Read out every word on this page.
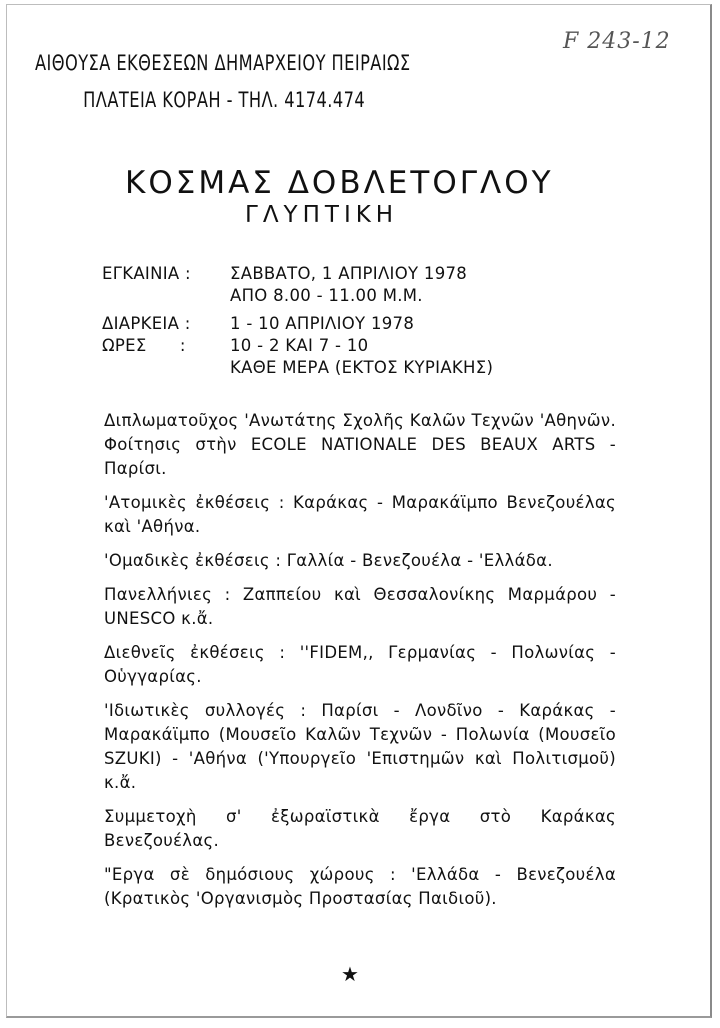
ΑΙΘΟΥΣΑ ΕΚΘΕΣΕΩΝ ΔΗΜΑΡΧΕΙΟΥ ΠΕΙΡΑΙΩΣ
ΠΛΑΤΕΙΑ ΚΟΡΑΗ - ΤΗΛ. 4174.474
F 243-12
ΚΟΣΜΑΣ ΔΟΒΛΕΤΟΓΛΟΥ
ΓΛΥΠΤΙΚΗ
ΕΓΚΑΙΝΙΑ :	ΣΑΒΒΑΤΟ, 1 ΑΠΡΙΛΙΟΥ 1978
ΑΠΟ 8.00 - 11.00 Μ.Μ.
ΔΙΑΡΚΕΙΑ :	1 - 10 ΑΠΡΙΛΙΟΥ 1978
ΩΡΕΣ      :	10 - 2 ΚΑΙ 7 - 10
ΚΑΘΕ ΜΕΡΑ (ΕΚΤΟΣ ΚΥΡΙΑΚΗΣ)

Διπλωματοῦχος 'Ανωτάτης Σχολῆς Καλῶν Τεχνῶν 'Αθηνῶν. Φοίτησις στὴν ECOLE NATIONALE DES BEAUX ARTS - Παρίσι.

'Ατομικὲς ἐκθέσεις : Καράκας - Μαρακάϊμπο Βενεζουέλας καὶ 'Αθήνα.

'Ομαδικὲς ἐκθέσεις : Γαλλία - Βενεζουέλα - 'Ελλάδα.

Πανελλήνιες : Ζαππείου καὶ Θεσσαλονίκης Μαρμάρου - UNESCO κ.ἄ.

Διεθνεῖς ἐκθέσεις : ''FIDEM,, Γερμανίας - Πολωνίας - Οὑγγαρίας.

'Ιδιωτικὲς συλλογές : Παρίσι - Λονδῖνο - Καράκας - Μαρακάϊμπο (Μουσεῖο Καλῶν Τεχνῶν - Πολωνία (Μουσεῖο SZUKI) - 'Αθήνα ('Υπουργεῖο 'Επιστημῶν καὶ Πολιτισμοῦ) κ.ἄ.

Συμμετοχὴ σ' ἐξωραϊστικὰ ἔργα στὸ Καράκας Βενεζουέλας.

"Εργα σὲ δημόσιους χώρους : 'Ελλάδα - Βενεζουέλα (Κρατικὸς 'Οργανισμὸς Προστασίας Παιδιοῦ).

★
